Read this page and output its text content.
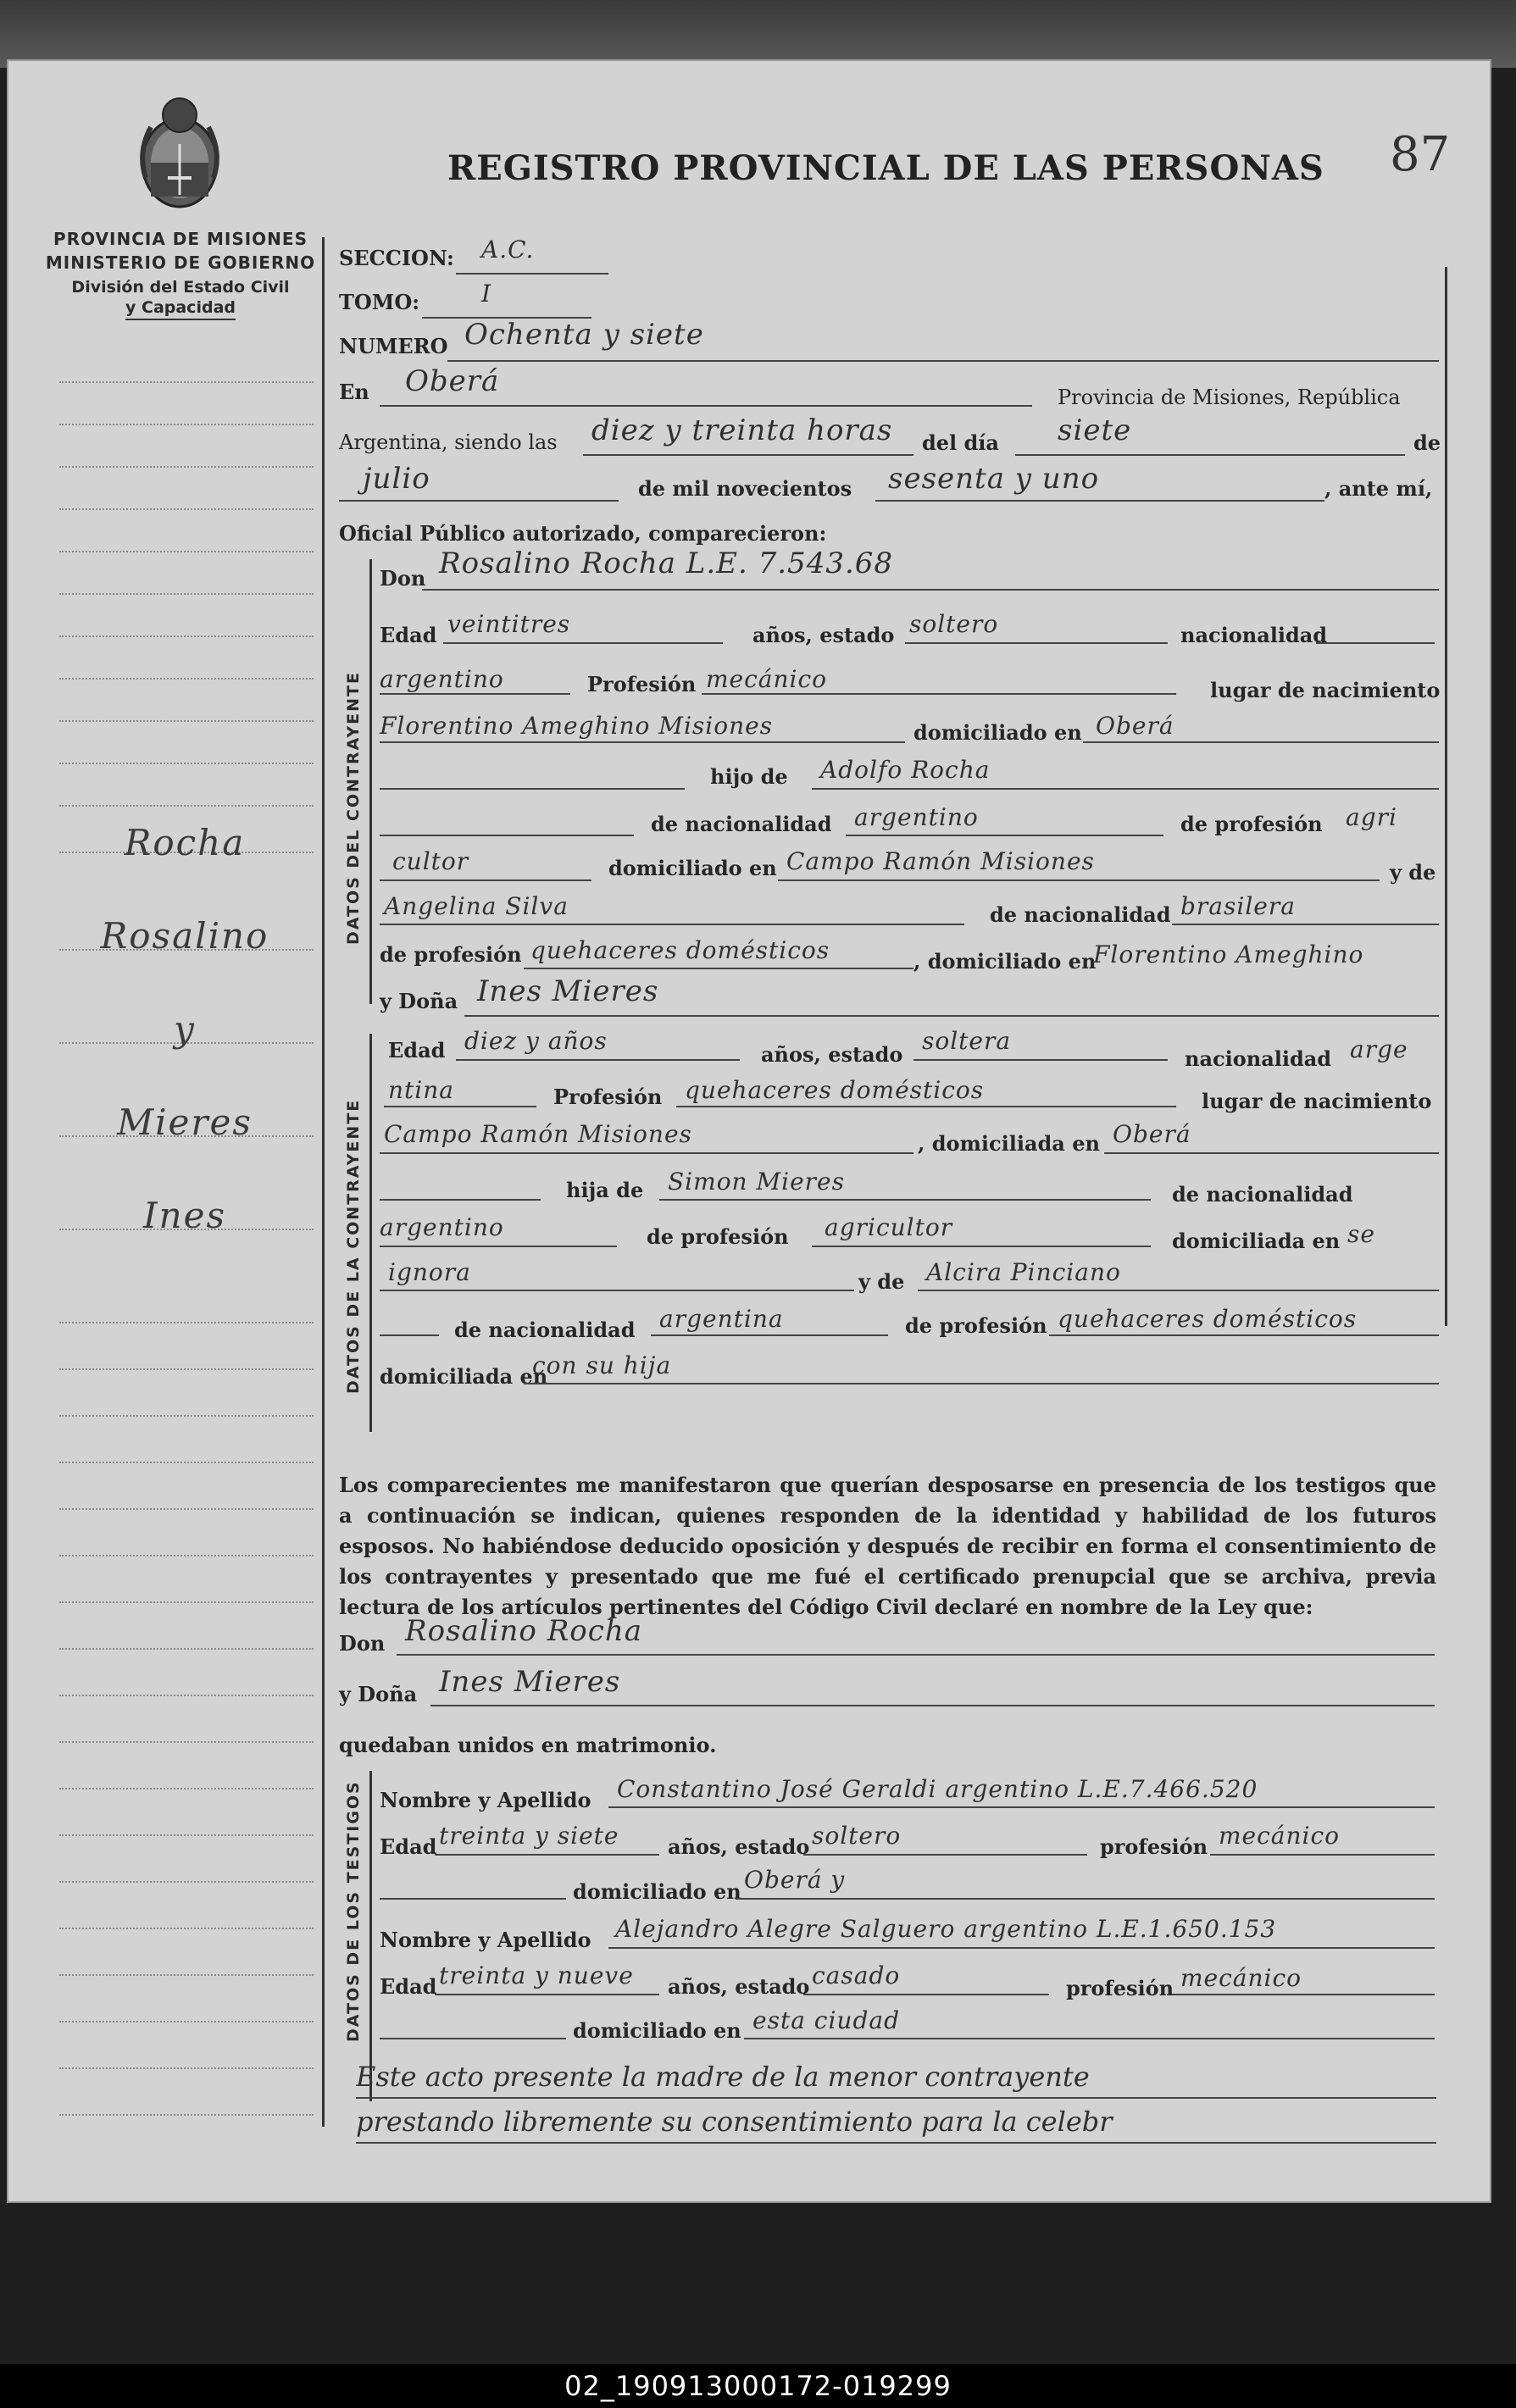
PROVINCIA DE MISIONES
MINISTERIO DE GOBIERNO
División del Estado Civil
y Capacidad
REGISTRO PROVINCIAL DE LAS PERSONAS 87
Rocha
Rosalino
y
Mieres
Ines
SECCION: A.C.
TOMO:	I
NUMERO Ochenta y siete
En Oberá	Provincia de Misiones, República
Argentina, siendo las diez y treinta horas del día siete	de
julio	de mil novecientos sesenta y uno	, ante mí,
Oficial Público autorizado, comparecieron:
DATOS DEL CONTRAYENTE
Don Rosalino Rocha L.E. 7.543.68
Edad veintitres	años, estado soltero	nacionalidad
argentino	Profesión mecánico	lugar de nacimiento
Florentino Ameghino Misiones	domiciliado en Oberá
hijo de Adolfo Rocha
de nacionalidad argentino	de profesión agri
cultor	domiciliado en Campo Ramón Misiones	y de
Angelina Silva	de nacionalidad brasilera
de profesión quehaceres domésticos	, domiciliado en
Florentino Ameghino
DATOS DE LA CONTRAYENTE
y Doña Ines Mieres
Edad diez y años	años, estado soltera
nacionalidad arge
ntina	Profesión quehaceres domésticos	lugar de nacimiento
Campo Ramón Misiones	, domiciliada en Oberá
hija de Simon Mieres	de nacionalidad
argentino	de profesión agricultor	domiciliada en se
ignora	y de Alcira Pinciano
de nacionalidad argentina	de profesión quehaceres domésticos
domiciliada en
con su hija
Los comparecientes me manifestaron que querían desposarse en presencia de los testigos que a continuación se indican, quienes responden de la identidad y habilidad de los futuros esposos. No habiéndose deducido oposición y después de recibir en forma el consentimiento de los contrayentes y presentado que me fué el certificado prenupcial que se archiva, previa lectura de los artículos pertinentes del Código Civil declaré en nombre de la Ley que:
Don Rosalino Rocha
y Doña Ines Mieres
quedaban unidos en matrimonio.
DATOS DE LOS TESTIGOS Nombre y Apellido Constantino José Geraldi argentino L.E.7.466.520
Edad treinta y siete años, estado soltero	profesión mecánico
domiciliado en Oberá y
Nombre y Apellido Alejandro Alegre Salguero argentino L.E.1.650.153
Edad treinta y nueve años, estado casado	profesión mecánico
domiciliado en esta ciudad
Este acto presente la madre de la menor contrayente
prestando libremente su consentimiento para la celebr
02_190913000172-019299
